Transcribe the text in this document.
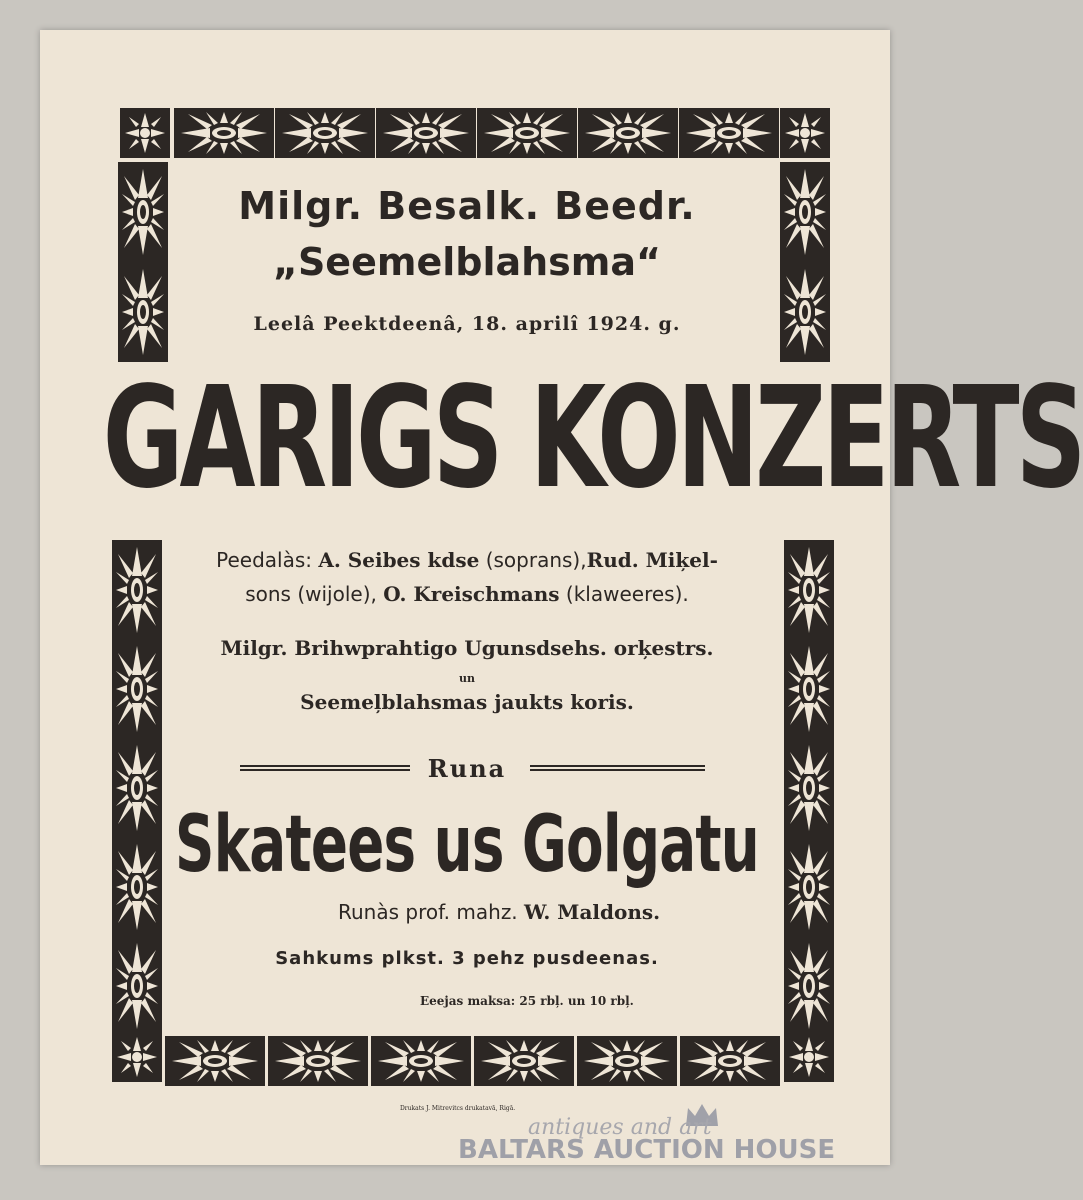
Milgr. Besalk. Beedr.
„Seemelblahsma“
Leelâ Peektdeenâ, 18. aprilî 1924. g.
GARIGS KONZERTS
Peedalàs: A. Seibes kdse (soprans),Rud. Miķel-
sons (wijole), O. Kreischmans (klaweeres).
Milgr. Brihwprahtigo Ugunsdsehs. orķestrs.
un
Seemeļblahsmas jaukts koris.
Runa
Skatees us Golgatu
Runàs prof. mahz. W. Maldons.
Sahkums plkst. 3 pehz pusdeenas.
Eeejas maksa: 25 rbļ. un 10 rbļ.
Drukats J. Mitrevitcs drukatavā, Rigā.
antiques and art
BALTARS AUCTION HOUSE
